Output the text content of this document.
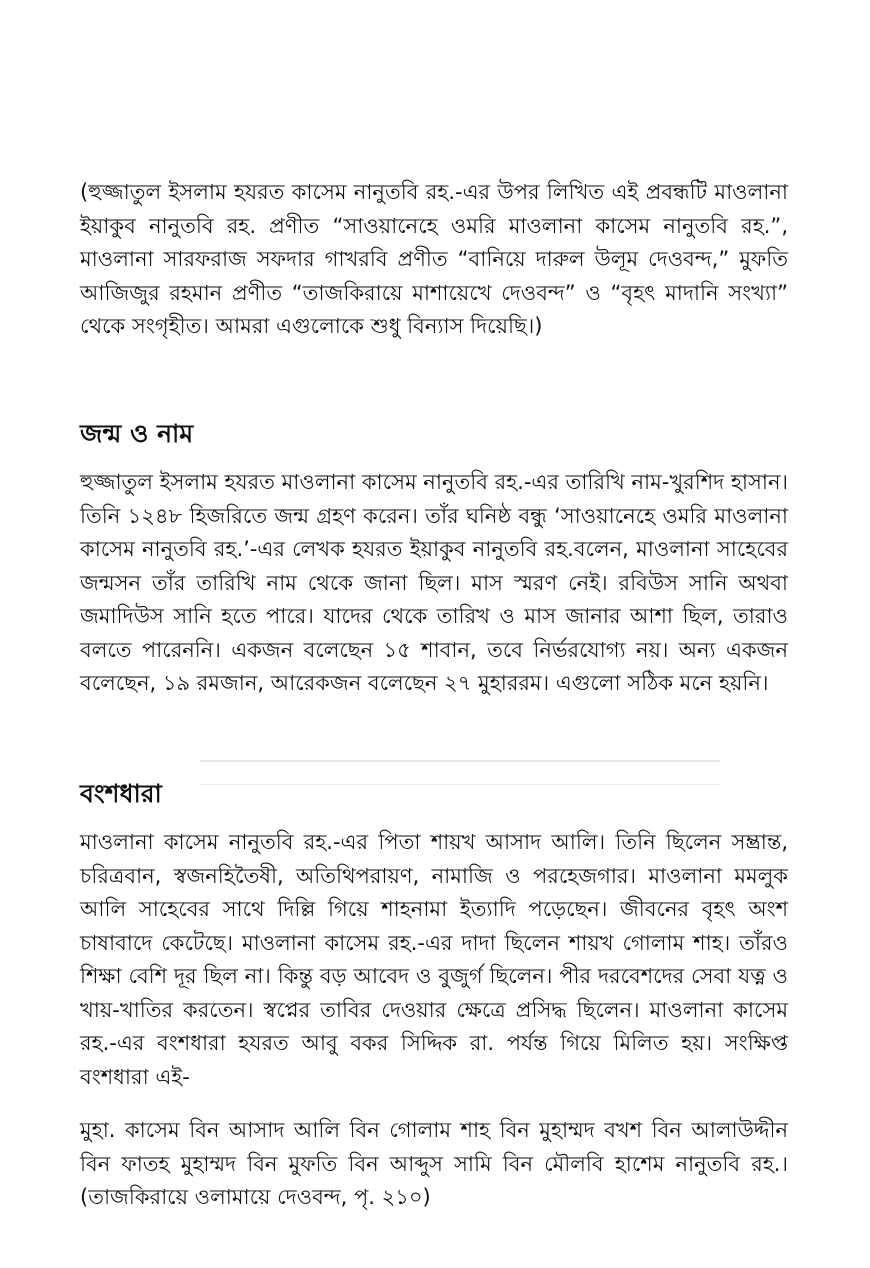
(হুজ্জাতুল ইসলাম হযরত কাসেম নানুতবি রহ.-এর উপর লিখিত এই প্রবন্ধটি মাওলানা ইয়াকুব নানুতবি রহ. প্রণীত “সাওয়ানেহে ওমরি মাওলানা কাসেম নানুতবি রহ.”, মাওলানা সারফরাজ সফদার গাখরবি প্রণীত “বানিয়ে দারুল উলূম দেওবন্দ,” মুফতি আজিজুর রহমান প্রণীত “তাজকিরায়ে মাশায়েখে দেওবন্দ” ও “বৃহৎ মাদানি সংখ্যা” থেকে সংগৃহীত। আমরা এগুলোকে শুধু বিন্যাস দিয়েছি।)

জন্ম ও নাম

হুজ্জাতুল ইসলাম হযরত মাওলানা কাসেম নানুতবি রহ.-এর তারিখি নাম-খুরশিদ হাসান। তিনি ১২৪৮ হিজরিতে জন্ম গ্রহণ করেন। তাঁর ঘনিষ্ঠ বন্ধু ‘সাওয়ানেহে ওমরি মাওলানা কাসেম নানুতবি রহ.’-এর লেখক হযরত ইয়াকুব নানুতবি রহ.বলেন, মাওলানা সাহেবের জন্মসন তাঁর তারিখি নাম থেকে জানা ছিল। মাস স্মরণ নেই। রবিউস সানি অথবা জমাদিউস সানি হতে পারে। যাদের থেকে তারিখ ও মাস জানার আশা ছিল, তারাও বলতে পারেননি। একজন বলেছেন ১৫ শাবান, তবে নির্ভরযোগ্য নয়। অন্য একজন বলেছেন, ১৯ রমজান, আরেকজন বলেছেন ২৭ মুহাররম। এগুলো সঠিক মনে হয়নি।

বংশধারা

মাওলানা কাসেম নানুতবি রহ.-এর পিতা শায়খ আসাদ আলি। তিনি ছিলেন সম্ভ্রান্ত, চরিত্রবান, স্বজনহিতৈষী, অতিথিপরায়ণ, নামাজি ও পরহেজগার। মাওলানা মমলুক আলি সাহেবের সাথে দিল্লি গিয়ে শাহনামা ইত্যাদি পড়েছেন। জীবনের বৃহৎ অংশ চাষাবাদে কেটেছে। মাওলানা কাসেম রহ.-এর দাদা ছিলেন শায়খ গোলাম শাহ। তাঁরও শিক্ষা বেশি দূর ছিল না। কিন্তু বড় আবেদ ও বুজুর্গ ছিলেন। পীর দরবেশদের সেবা যত্ন ও খায়-খাতির করতেন। স্বপ্নের তাবির দেওয়ার ক্ষেত্রে প্রসিদ্ধ ছিলেন। মাওলানা কাসেম রহ.-এর বংশধারা হযরত আবু বকর সিদ্দিক রা. পর্যন্ত গিয়ে মিলিত হয়। সংক্ষিপ্ত বংশধারা এই-

মুহা. কাসেম বিন আসাদ আলি বিন গোলাম শাহ বিন মুহাম্মদ বখশ বিন আলাউদ্দীন বিন ফাতহ মুহাম্মদ বিন মুফতি বিন আব্দুস সামি বিন মৌলবি হাশেম নানুতবি রহ.। (তাজকিরায়ে ওলামায়ে দেওবন্দ, পৃ. ২১০)
